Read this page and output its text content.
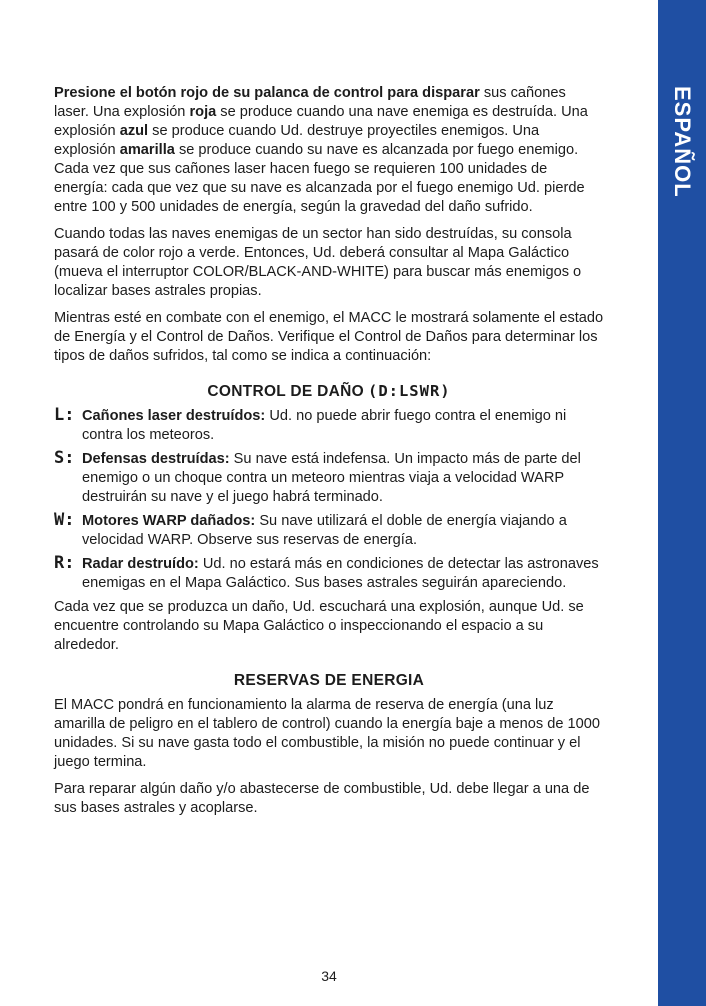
ESPAÑOL

Presione el botón rojo de su palanca de control para disparar sus cañones laser. Una explosión roja se produce cuando una nave enemiga es destruída. Una explosión azul se produce cuando Ud. destruye proyectiles enemigos. Una explosión amarilla se produce cuando su nave es alcanzada por fuego enemigo. Cada vez que sus cañones laser hacen fuego se requieren 100 unidades de energía: cada que vez que su nave es alcanzada por el fuego enemigo Ud. pierde entre 100 y 500 unidades de energía, según la gravedad del daño sufrido.

Cuando todas las naves enemigas de un sector han sido destruídas, su consola pasará de color rojo a verde. Entonces, Ud. deberá consultar al Mapa Galáctico (mueva el interruptor COLOR/BLACK-AND-WHITE) para buscar más enemigos o localizar bases astrales propias.

Mientras esté en combate con el enemigo, el MACC le mostrará solamente el estado de Energía y el Control de Daños. Verifique el Control de Daños para determinar los tipos de daños sufridos, tal como se indica a continuación:

CONTROL DE DAÑO (D:LSWR)
L: Cañones laser destruídos: Ud. no puede abrir fuego contra el enemigo ni contra los meteoros.
S: Defensas destruídas: Su nave está indefensa. Un impacto más de parte del enemigo o un choque contra un meteoro mientras viaja a velocidad WARP destruirán su nave y el juego habrá terminado.
W: Motores WARP dañados: Su nave utilizará el doble de energía viajando a velocidad WARP. Observe sus reservas de energía.
R: Radar destruído: Ud. no estará más en condiciones de detectar las astronaves enemigas en el Mapa Galáctico. Sus bases astrales seguirán apareciendo.

Cada vez que se produzca un daño, Ud. escuchará una explosión, aunque Ud. se encuentre controlando su Mapa Galáctico o inspeccionando el espacio a su alrededor.

RESERVAS DE ENERGIA

El MACC pondrá en funcionamiento la alarma de reserva de energía (una luz amarilla de peligro en el tablero de control) cuando la energía baje a menos de 1000 unidades. Si su nave gasta todo el combustible, la misión no puede continuar y el juego termina.

Para reparar algún daño y/o abastecerse de combustible, Ud. debe llegar a una de sus bases astrales y acoplarse.

34
